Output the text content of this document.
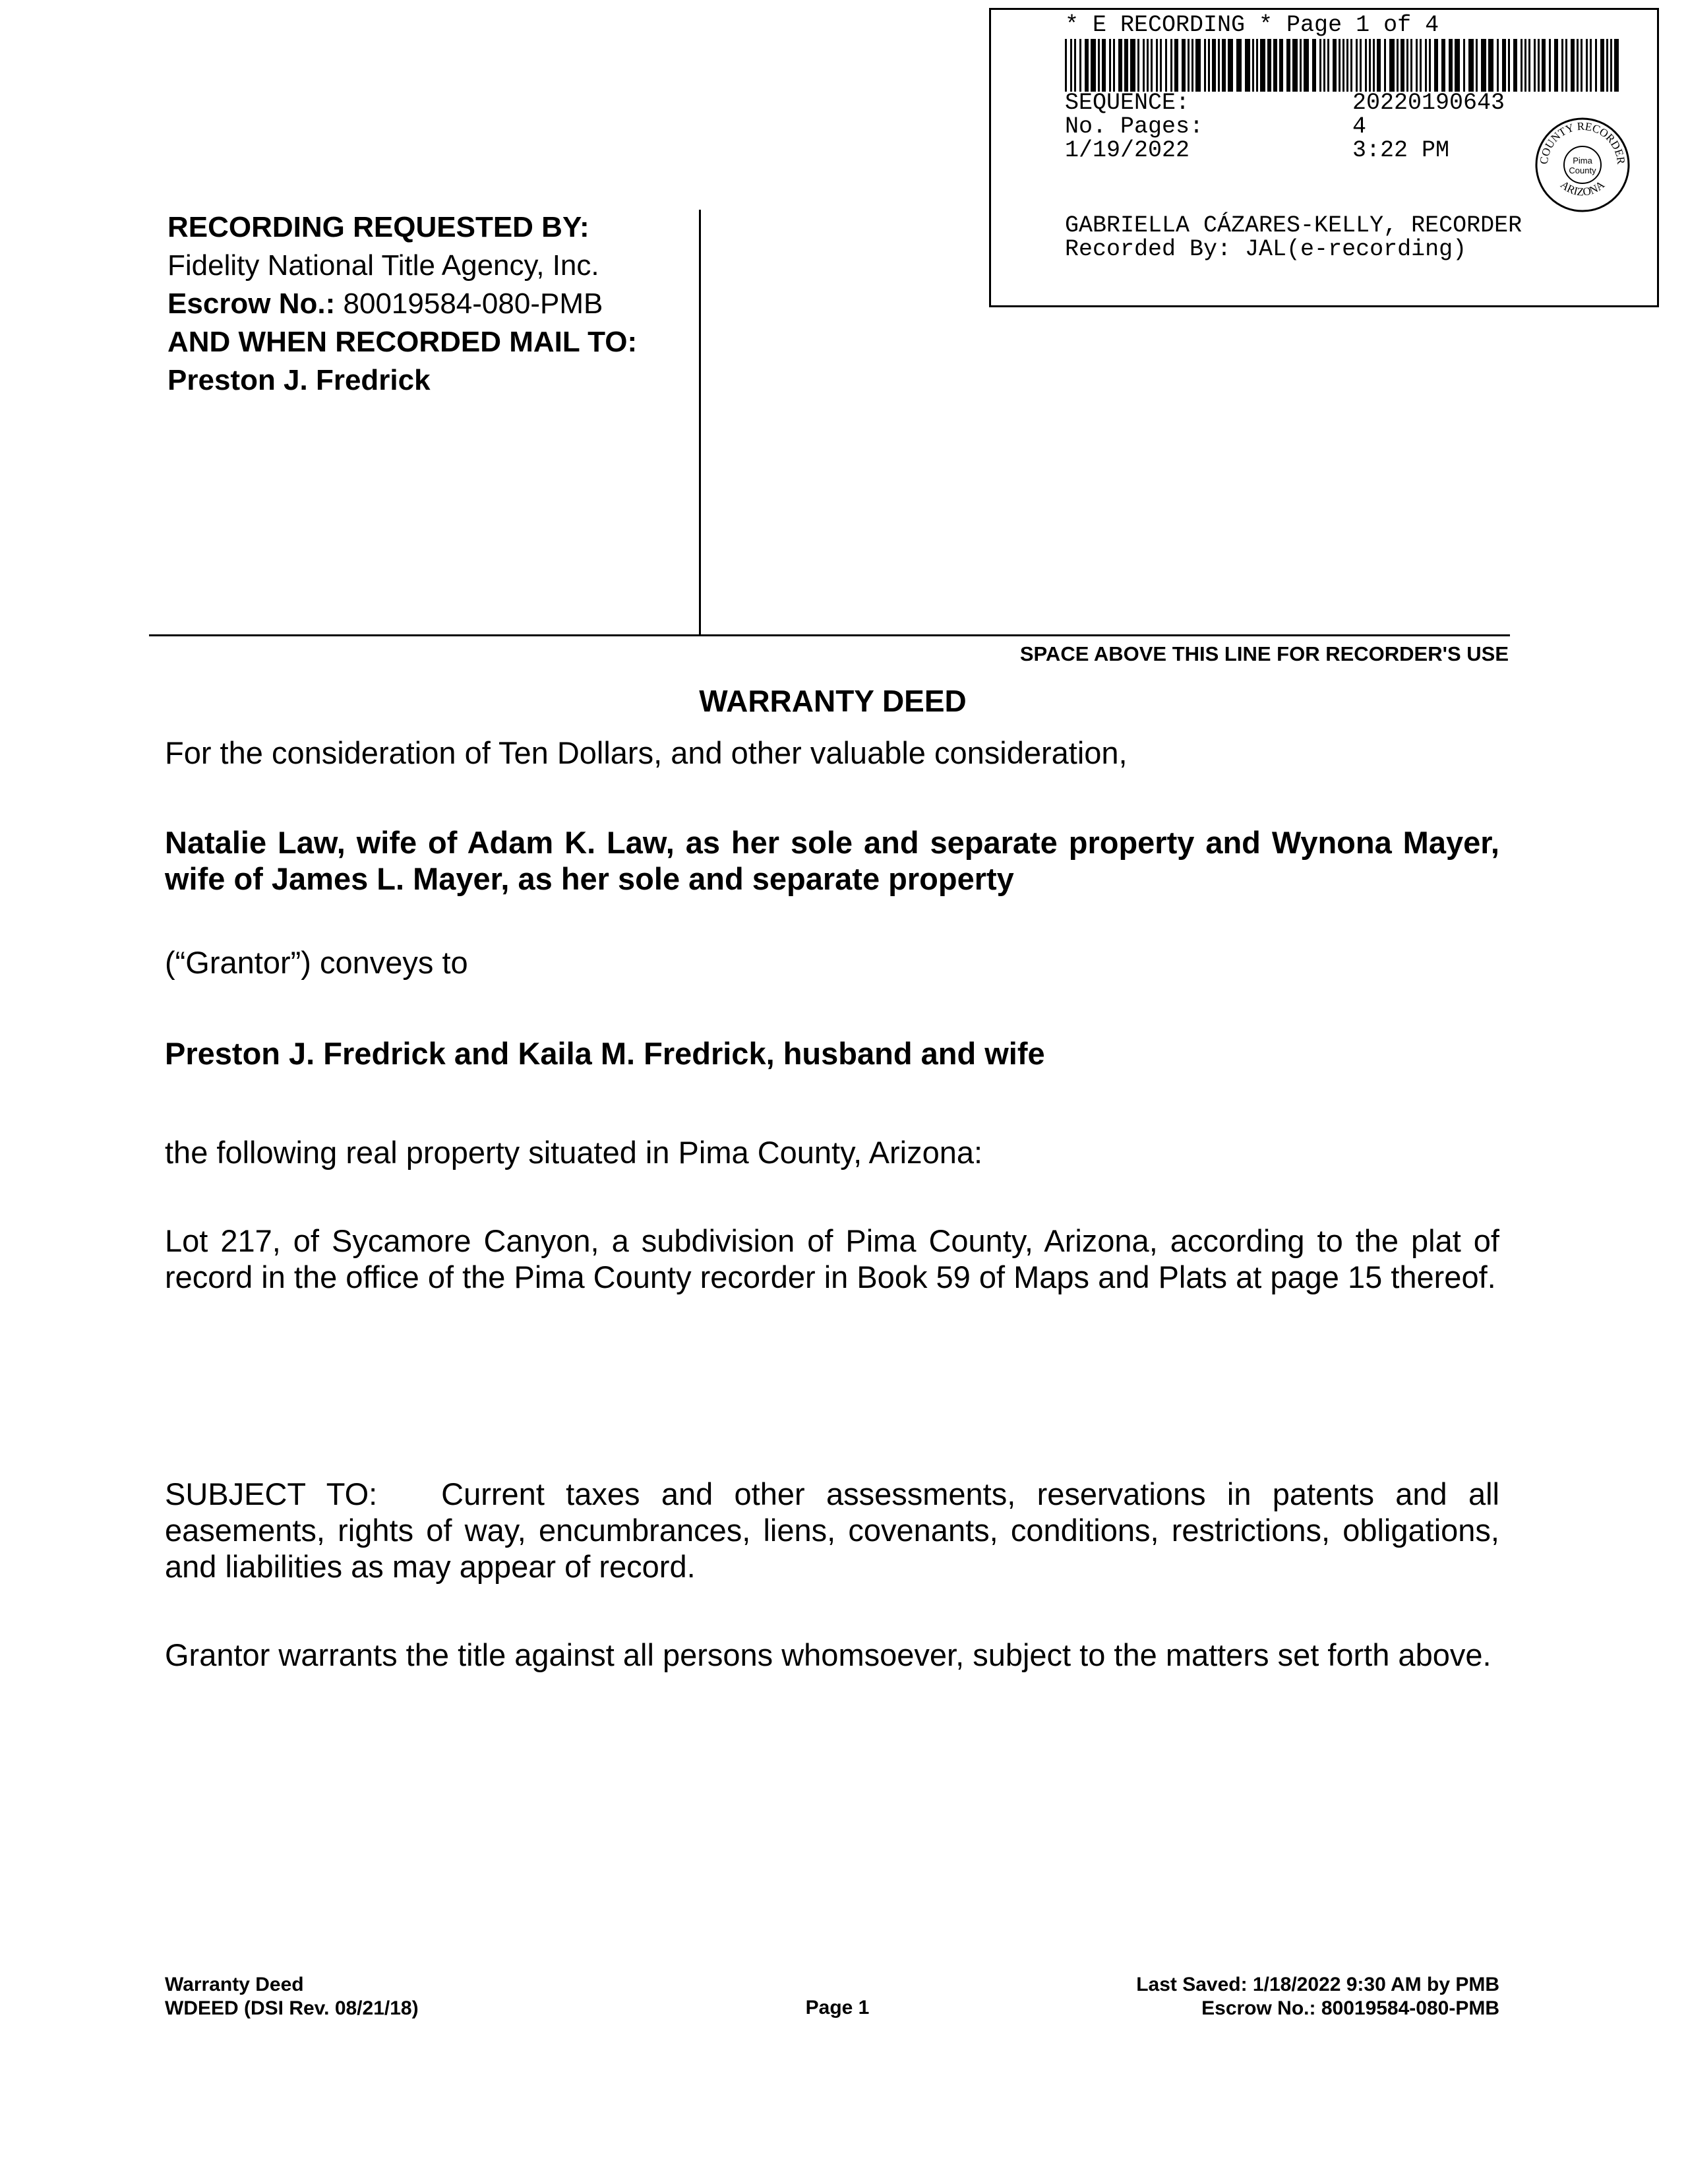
* E RECORDING * Page 1 of 4
SEQUENCE:	20220190643
No. Pages:	4
1/19/2022	3:22 PM	COUNTY RECORDER
ARIZONA
Pima
County
GABRIELLA CÁZARES-KELLY, RECORDER
Recorded By: JAL(e-recording)
RECORDING REQUESTED BY:
Fidelity National Title Agency, Inc.
Escrow No.: 80019584-080-PMB
AND WHEN RECORDED MAIL TO:
Preston J. Fredrick
SPACE ABOVE THIS LINE FOR RECORDER'S USE
WARRANTY DEED
For the consideration of Ten Dollars, and other valuable consideration,
Natalie Law, wife of Adam K. Law, as her sole and separate property and Wynona Mayer, wife of James L. Mayer, as her sole and separate property
(“Grantor”) conveys to
Preston J. Fredrick and Kaila M. Fredrick, husband and wife
the following real property situated in Pima County, Arizona:
Lot 217, of Sycamore Canyon, a subdivision of Pima County, Arizona, according to the plat of record in the office of the Pima County recorder in Book 59 of Maps and Plats at page 15 thereof.
SUBJECT TO: Current taxes and other assessments, reservations in patents and all easements, rights of way, encumbrances, liens, covenants, conditions, restrictions, obligations, and liabilities as may appear of record.
Grantor warrants the title against all persons whomsoever, subject to the matters set forth above.
Warranty Deed
WDEED (DSI Rev. 08/21/18)	Page 1
Last Saved: 1/18/2022 9:30 AM by PMB
Escrow No.: 80019584-080-PMB
